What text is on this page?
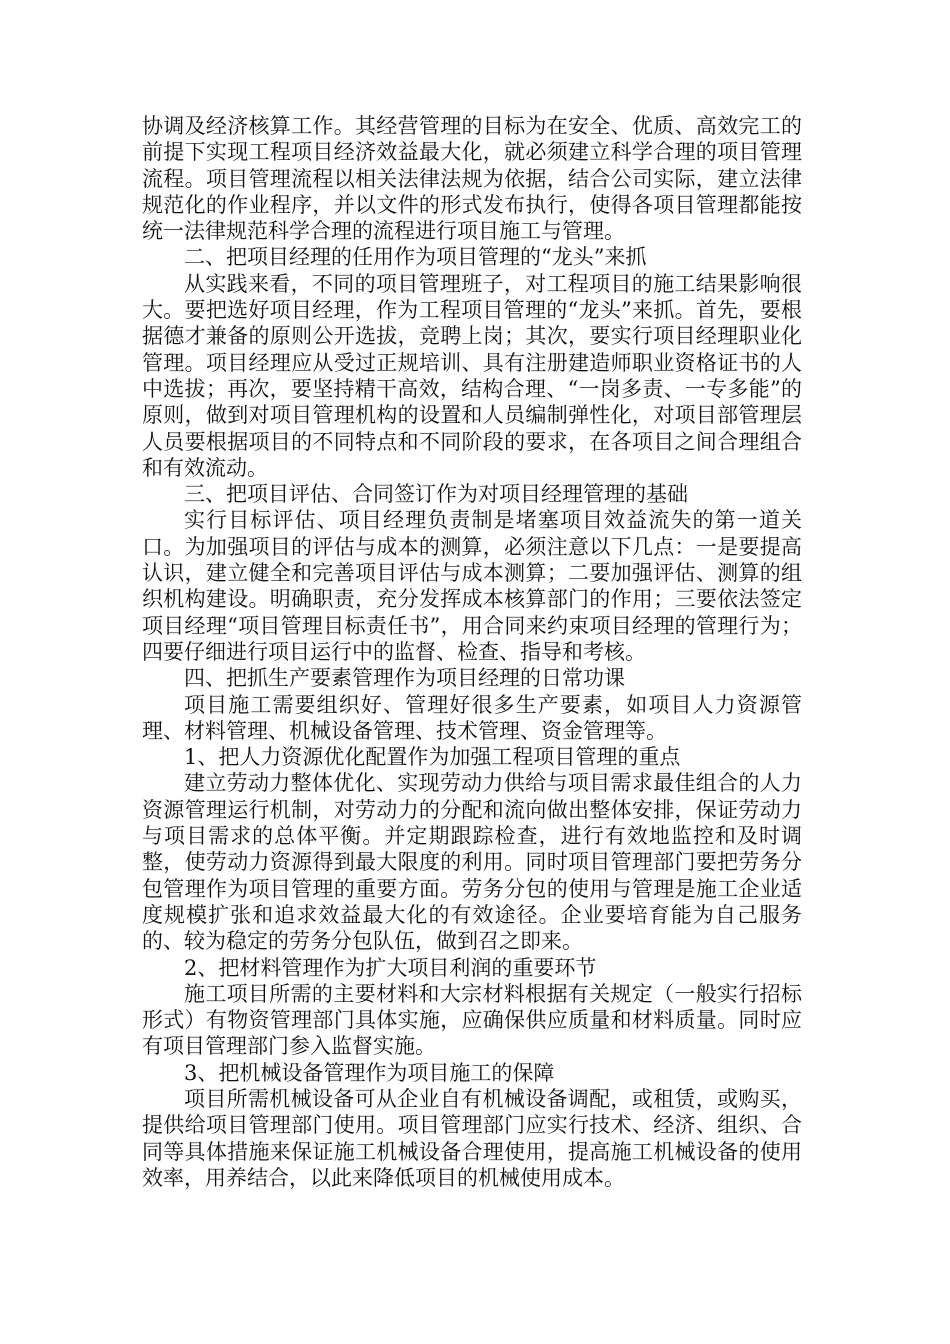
协调及经济核算工作。其经营管理的目标为在安全、优质、高效完工的前提下实现工程项目经济效益最大化，就必须建立科学合理的项目管理流程。项目管理流程以相关法律法规为依据，结合公司实际，建立法律规范化的作业程序，并以文件的形式发布执行，使得各项目管理都能按统一法律规范科学合理的流程进行项目施工与管理。

二、把项目经理的任用作为项目管理的“龙头”来抓

从实践来看，不同的项目管理班子，对工程项目的施工结果影响很大。要把选好项目经理，作为工程项目管理的“龙头”来抓。首先，要根据德才兼备的原则公开选拔，竞聘上岗；其次，要实行项目经理职业化管理。项目经理应从受过正规培训、具有注册建造师职业资格证书的人中选拔；再次，要坚持精干高效，结构合理、“一岗多责、一专多能”的原则，做到对项目管理机构的设置和人员编制弹性化，对项目部管理层人员要根据项目的不同特点和不同阶段的要求，在各项目之间合理组合和有效流动。

三、把项目评估、合同签订作为对项目经理管理的基础

实行目标评估、项目经理负责制是堵塞项目效益流失的第一道关口。为加强项目的评估与成本的测算，必须注意以下几点：一是要提高认识，建立健全和完善项目评估与成本测算；二要加强评估、测算的组织机构建设。明确职责，充分发挥成本核算部门的作用；三要依法签定项目经理“项目管理目标责任书”，用合同来约束项目经理的管理行为；四要仔细进行项目运行中的监督、检查、指导和考核。

四、把抓生产要素管理作为项目经理的日常功课

项目施工需要组织好、管理好很多生产要素，如项目人力资源管理、材料管理、机械设备管理、技术管理、资金管理等。

1、把人力资源优化配置作为加强工程项目管理的重点

建立劳动力整体优化、实现劳动力供给与项目需求最佳组合的人力资源管理运行机制，对劳动力的分配和流向做出整体安排，保证劳动力与项目需求的总体平衡。并定期跟踪检查，进行有效地监控和及时调整，使劳动力资源得到最大限度的利用。同时项目管理部门要把劳务分包管理作为项目管理的重要方面。劳务分包的使用与管理是施工企业适度规模扩张和追求效益最大化的有效途径。企业要培育能为自己服务的、较为稳定的劳务分包队伍，做到召之即来。

2、把材料管理作为扩大项目利润的重要环节

施工项目所需的主要材料和大宗材料根据有关规定（一般实行招标形式）有物资管理部门具体实施，应确保供应质量和材料质量。同时应有项目管理部门参入监督实施。

3、把机械设备管理作为项目施工的保障

项目所需机械设备可从企业自有机械设备调配，或租赁，或购买，提供给项目管理部门使用。项目管理部门应实行技术、经济、组织、合同等具体措施来保证施工机械设备合理使用，提高施工机械设备的使用效率，用养结合，以此来降低项目的机械使用成本。
